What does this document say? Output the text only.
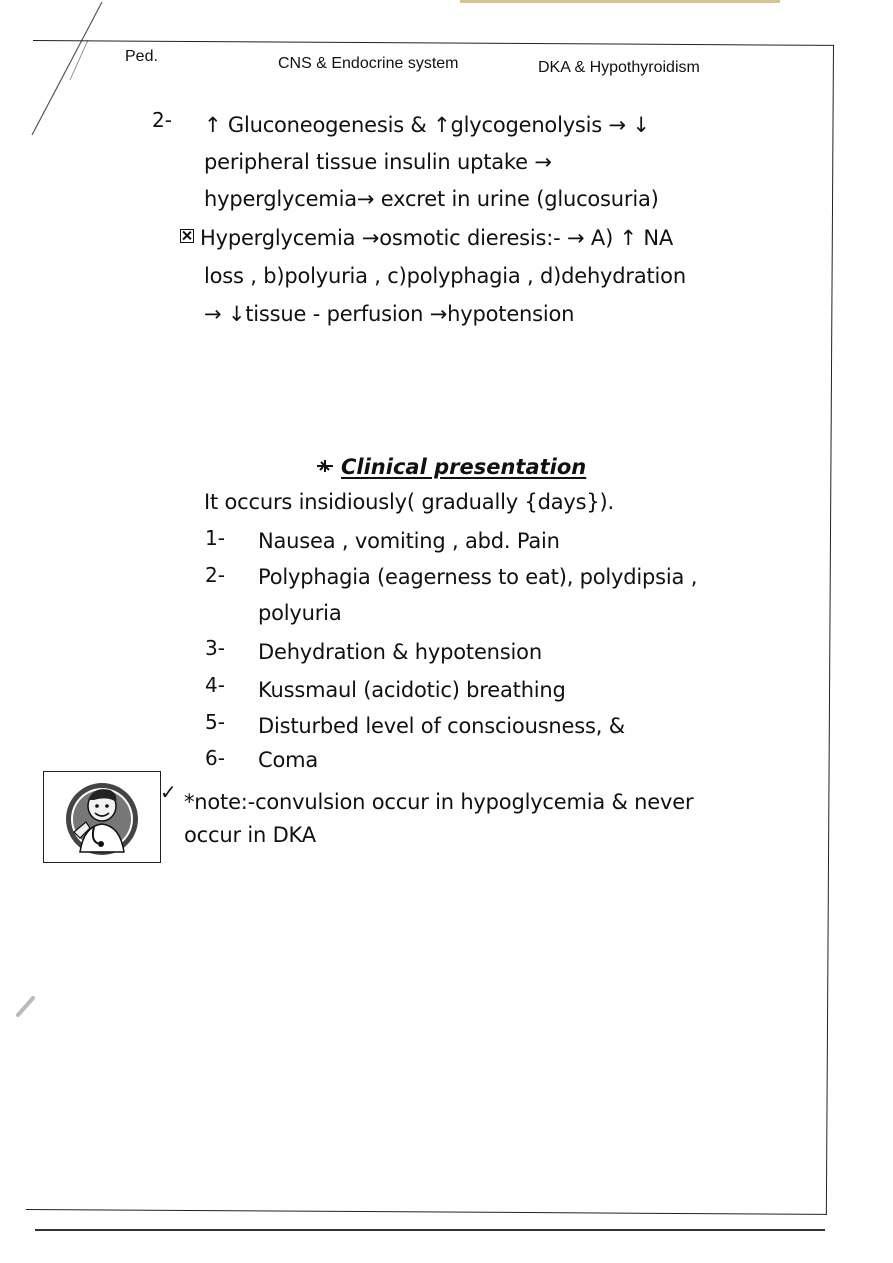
Ped.	CNS & Endocrine system	DKA & Hypothyroidism
2- ↑ Gluconeogenesis & ↑glycogenolysis → ↓
peripheral tissue insulin uptake →
hyperglycemia→ excret in urine (glucosuria)
Hyperglycemia →osmotic dieresis:- → A) ↑ NA
loss , b)polyuria , c)polyphagia , d)dehydration
→ ↓tissue - perfusion →hypotension
Clinical presentation
It occurs insidiously( gradually {days}).
1- Nausea , vomiting , abd. Pain
2- Polyphagia (eagerness to eat), polydipsia ,
polyuria
3- Dehydration & hypotension
4- Kussmaul (acidotic) breathing
5- Disturbed level of consciousness, &
6- Coma
✓ *note:-convulsion occur in hypoglycemia & never
occur in DKA
